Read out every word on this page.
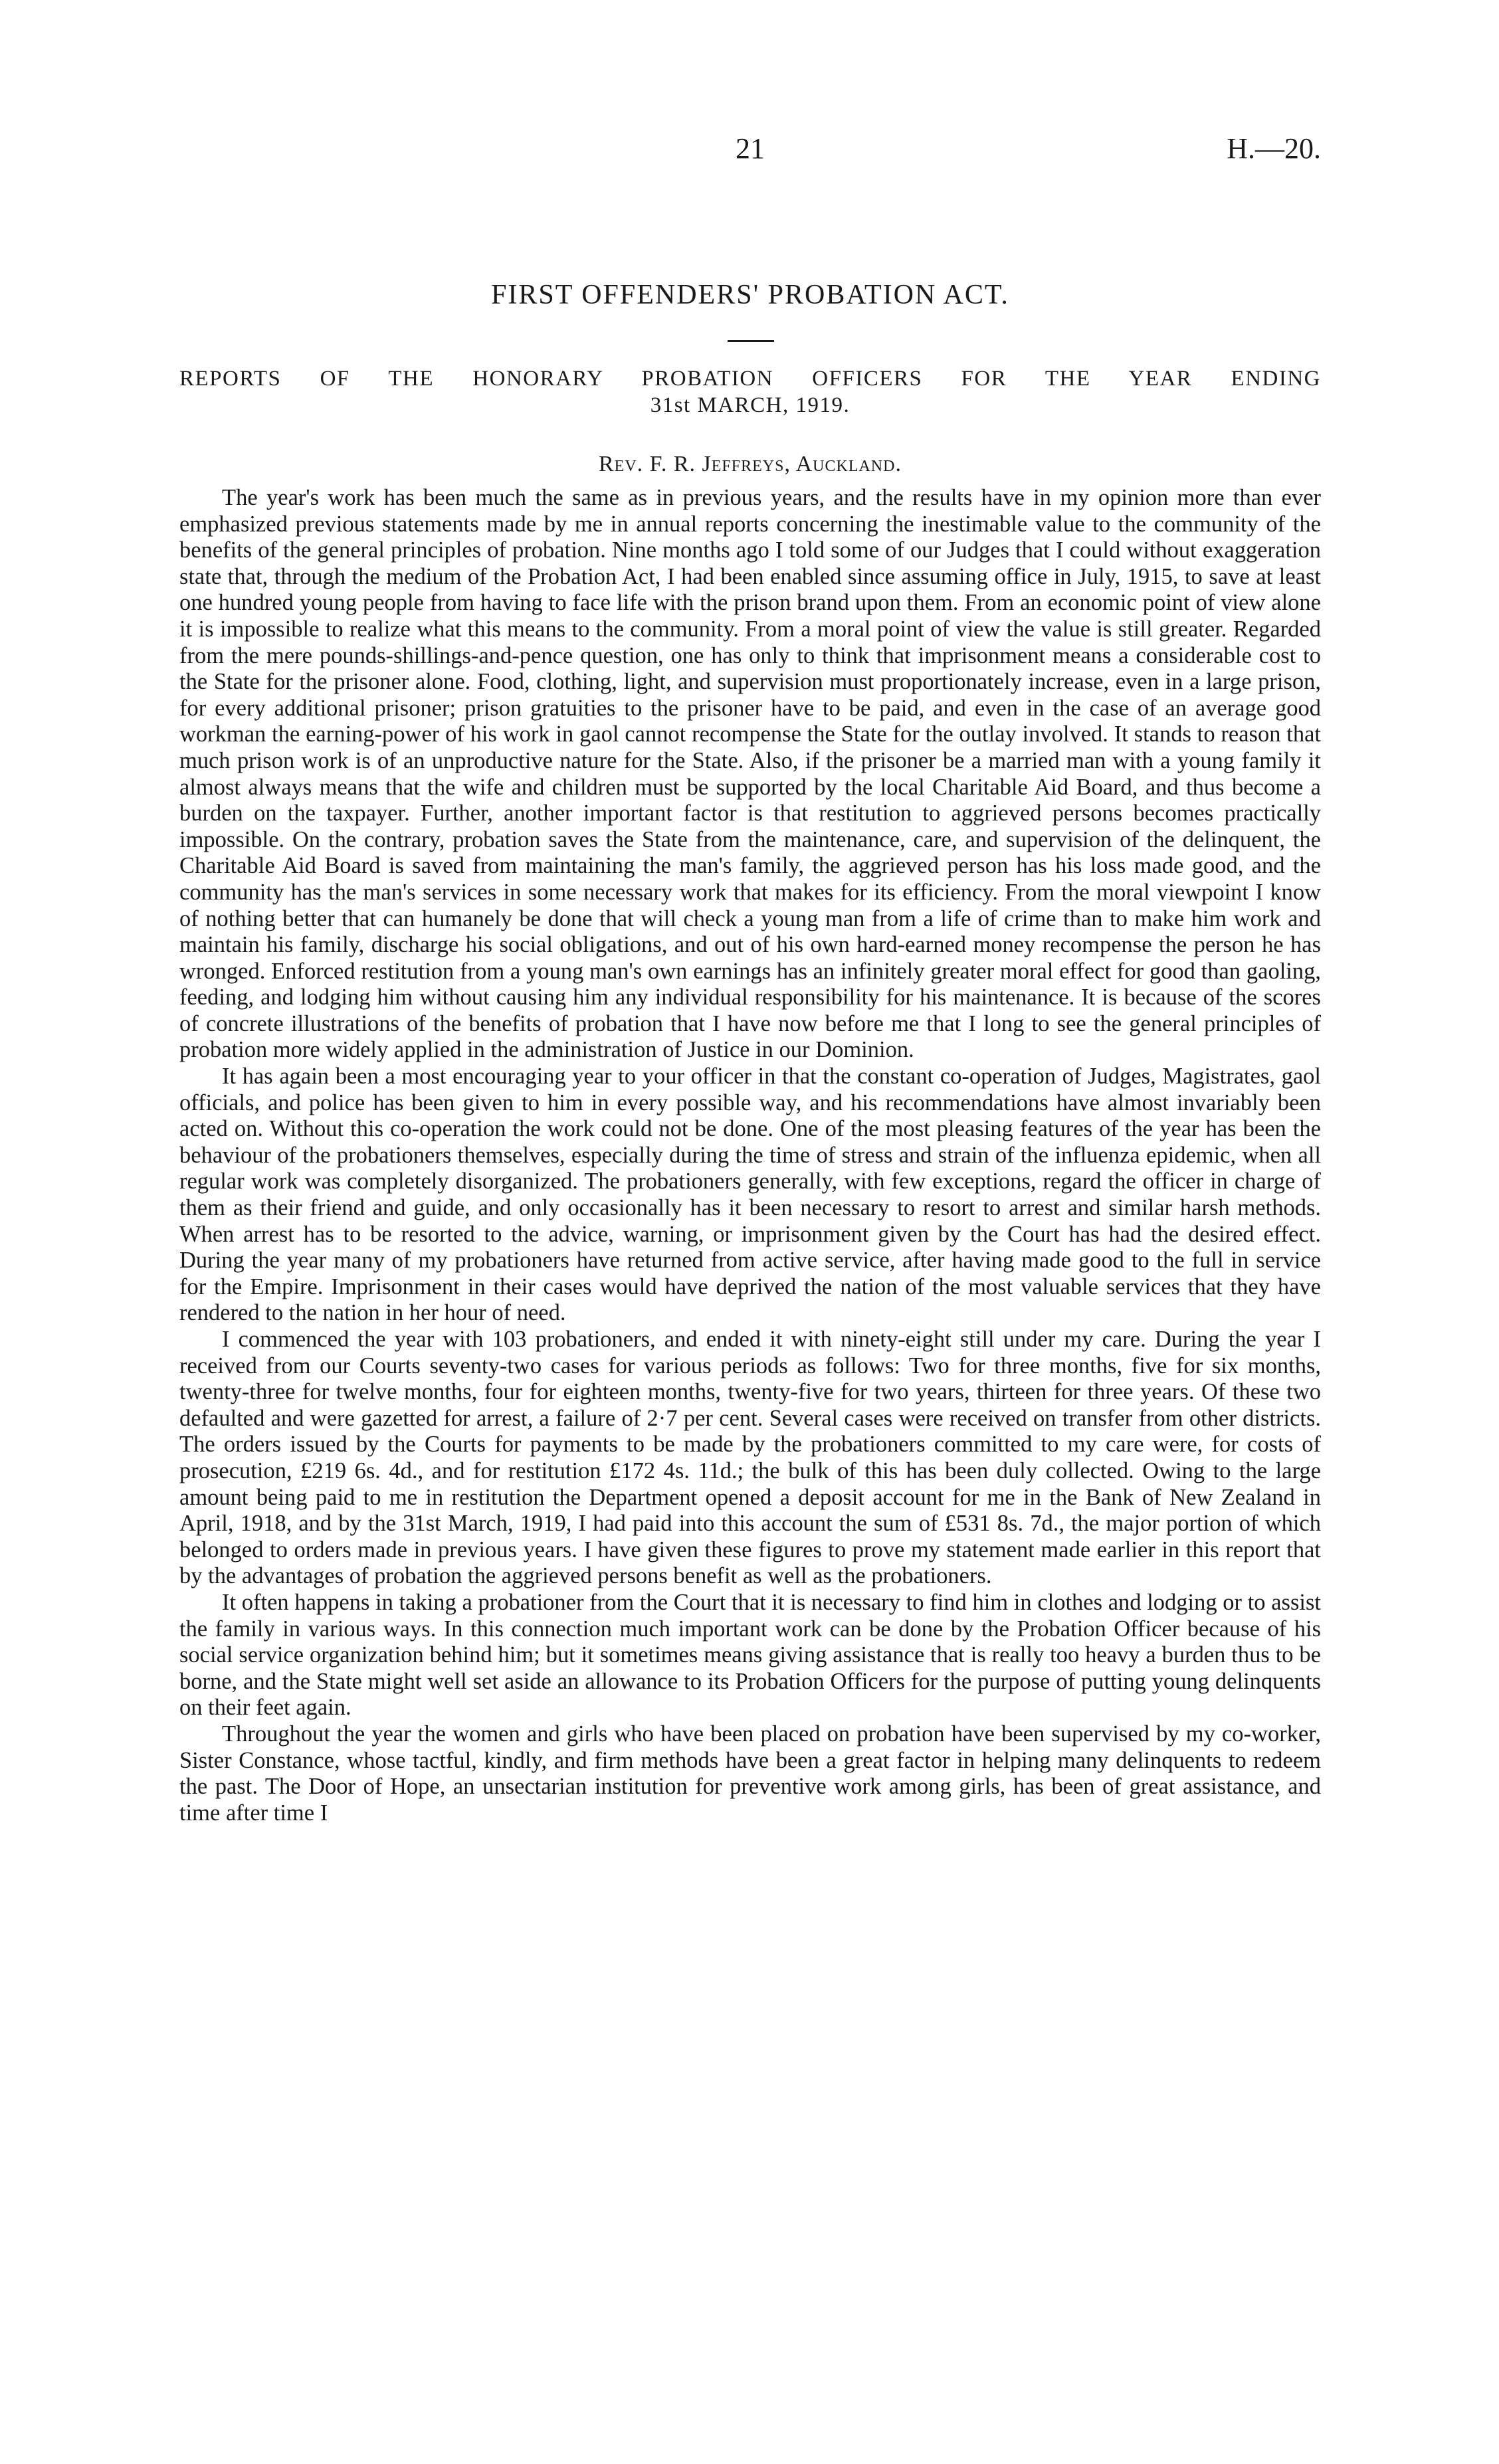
21	H.—20.
FIRST OFFENDERS' PROBATION ACT.
REPORTS OF THE HONORARY PROBATION OFFICERS FOR THE YEAR ENDING
31st MARCH, 1919.
Rev. F. R. Jeffreys, Auckland.

The year's work has been much the same as in previous years, and the results have in my opinion more than ever emphasized previous statements made by me in annual reports concerning the inestimable value to the community of the benefits of the general principles of probation. Nine months ago I told some of our Judges that I could without exaggeration state that, through the medium of the Probation Act, I had been enabled since assuming office in July, 1915, to save at least one hundred young people from having to face life with the prison brand upon them. From an economic point of view alone it is impossible to realize what this means to the community. From a moral point of view the value is still greater. Regarded from the mere pounds-shillings-and-pence question, one has only to think that imprisonment means a considerable cost to the State for the prisoner alone. Food, clothing, light, and supervision must proportionately increase, even in a large prison, for every additional prisoner; prison gratuities to the prisoner have to be paid, and even in the case of an average good workman the earning-power of his work in gaol cannot recompense the State for the outlay involved. It stands to reason that much prison work is of an unproductive nature for the State. Also, if the prisoner be a married man with a young family it almost always means that the wife and children must be supported by the local Charitable Aid Board, and thus become a burden on the taxpayer. Further, another important factor is that restitution to aggrieved persons becomes practically impossible. On the contrary, probation saves the State from the maintenance, care, and supervision of the delinquent, the Charitable Aid Board is saved from maintaining the man's family, the aggrieved person has his loss made good, and the community has the man's services in some necessary work that makes for its efficiency. From the moral viewpoint I know of nothing better that can humanely be done that will check a young man from a life of crime than to make him work and maintain his family, discharge his social obligations, and out of his own hard-earned money recompense the person he has wronged. Enforced restitution from a young man's own earnings has an infinitely greater moral effect for good than gaoling, feeding, and lodging him without causing him any individual responsibility for his maintenance. It is because of the scores of concrete illustrations of the benefits of probation that I have now before me that I long to see the general principles of probation more widely applied in the administration of Justice in our Dominion.

It has again been a most encouraging year to your officer in that the constant co-operation of Judges, Magistrates, gaol officials, and police has been given to him in every possible way, and his recommendations have almost invariably been acted on. Without this co-operation the work could not be done. One of the most pleasing features of the year has been the behaviour of the probationers themselves, especially during the time of stress and strain of the influenza epidemic, when all regular work was completely disorganized. The probationers generally, with few exceptions, regard the officer in charge of them as their friend and guide, and only occasionally has it been necessary to resort to arrest and similar harsh methods. When arrest has to be resorted to the advice, warning, or imprisonment given by the Court has had the desired effect. During the year many of my probationers have returned from active service, after having made good to the full in service for the Empire. Imprisonment in their cases would have deprived the nation of the most valuable services that they have rendered to the nation in her hour of need.

I commenced the year with 103 probationers, and ended it with ninety-eight still under my care. During the year I received from our Courts seventy-two cases for various periods as follows: Two for three months, five for six months, twenty-three for twelve months, four for eighteen months, twenty-five for two years, thirteen for three years. Of these two defaulted and were gazetted for arrest, a failure of 2·7 per cent. Several cases were received on transfer from other districts. The orders issued by the Courts for payments to be made by the probationers committed to my care were, for costs of prosecution, £219 6s. 4d., and for restitution £172 4s. 11d.; the bulk of this has been duly collected. Owing to the large amount being paid to me in restitution the Department opened a deposit account for me in the Bank of New Zealand in April, 1918, and by the 31st March, 1919, I had paid into this account the sum of £531 8s. 7d., the major portion of which belonged to orders made in previous years. I have given these figures to prove my statement made earlier in this report that by the advantages of probation the aggrieved persons benefit as well as the probationers.

It often happens in taking a probationer from the Court that it is necessary to find him in clothes and lodging or to assist the family in various ways. In this connection much important work can be done by the Probation Officer because of his social service organization behind him; but it sometimes means giving assistance that is really too heavy a burden thus to be borne, and the State might well set aside an allowance to its Probation Officers for the purpose of putting young delinquents on their feet again.

Throughout the year the women and girls who have been placed on probation have been supervised by my co-worker, Sister Constance, whose tactful, kindly, and firm methods have been a great factor in helping many delinquents to redeem the past. The Door of Hope, an unsectarian institution for preventive work among girls, has been of great assistance, and time after time I
